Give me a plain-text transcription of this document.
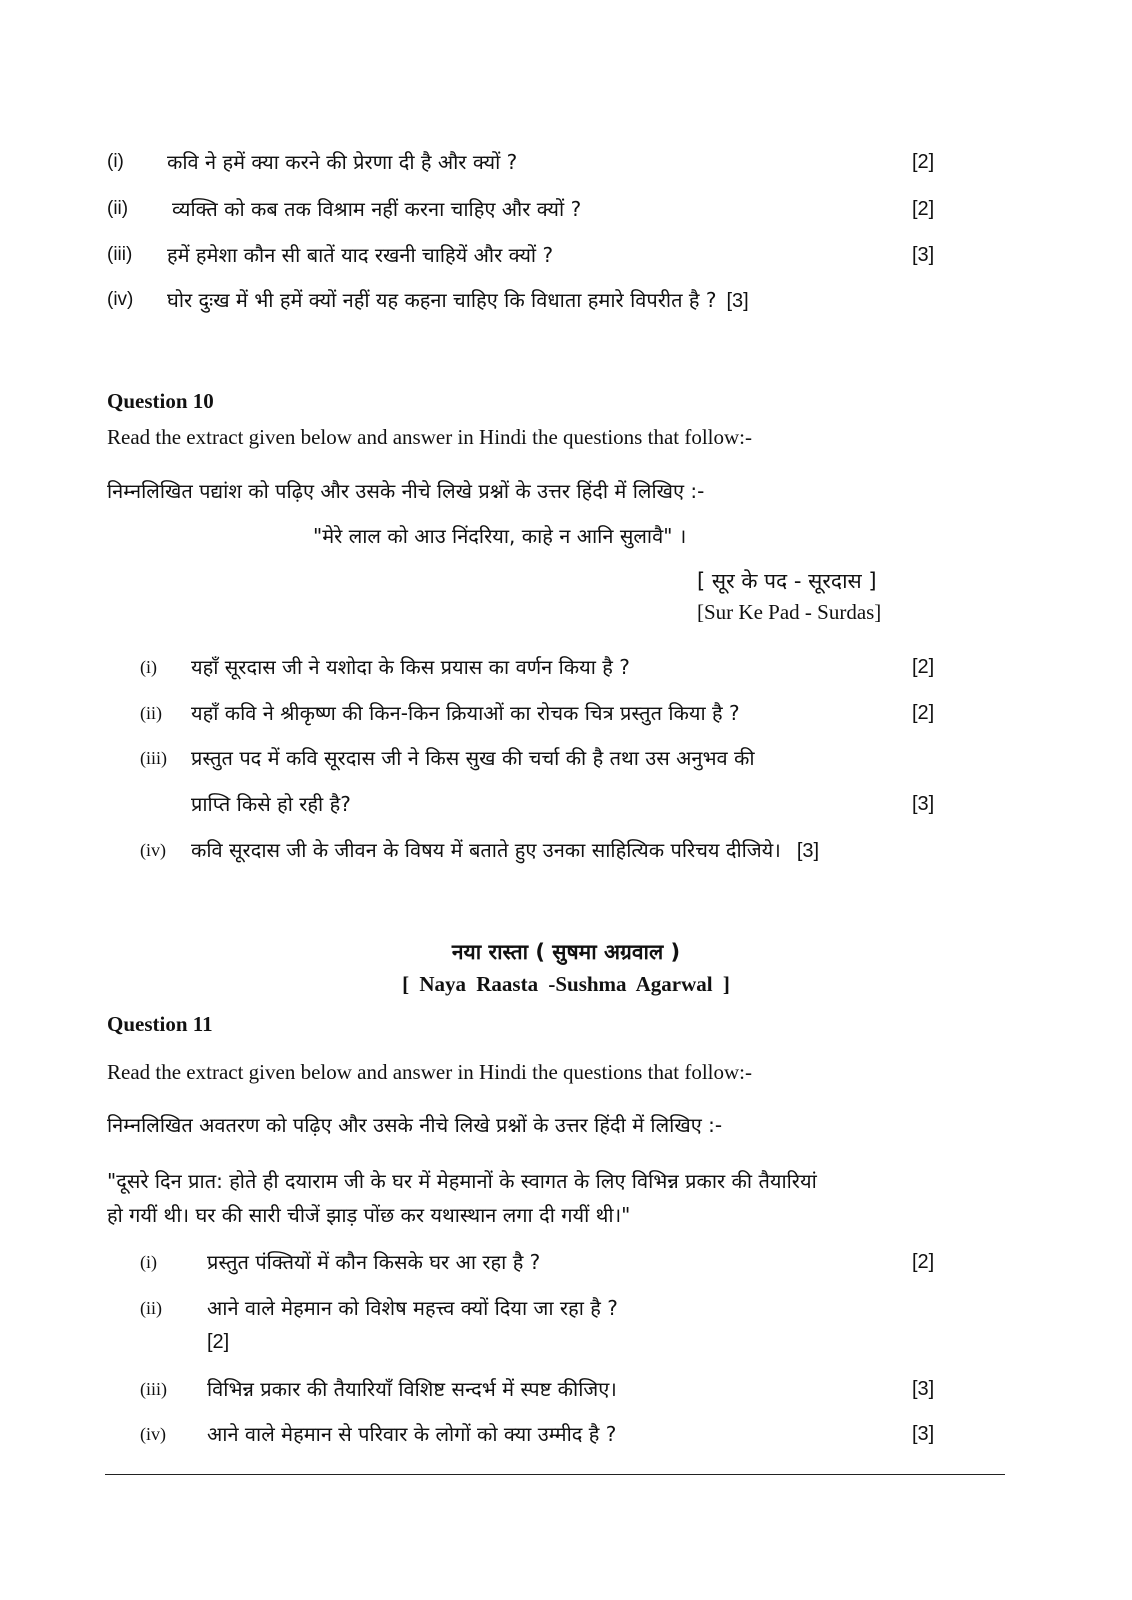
(i) कवि ने हमें क्या करने की प्रेरणा दी है और क्यों ?	[2]
(ii) व्यक्ति को कब तक विश्राम नहीं करना चाहिए और क्यों ?	[2]
(iii) हमें हमेशा कौन सी बातें याद रखनी चाहियें और क्यों ?	[3]
(iv) घोर दुःख में भी हमें क्यों नहीं यह कहना चाहिए कि विधाता हमारे विपरीत है ? [3]
Question 10
Read the extract given below and answer in Hindi the questions that follow:-
निम्नलिखित पद्यांश को पढ़िए और उसके नीचे लिखे प्रश्नों के उत्तर हिंदी में लिखिए :-
"मेरे लाल को आउ निंदरिया, काहे न आनि सुलावै" ।
[ सूर के पद - सूरदास ]
[Sur Ke Pad - Surdas]
(i) यहाँ सूरदास जी ने यशोदा के किस प्रयास का वर्णन किया है ?	[2]
(ii) यहाँ कवि ने श्रीकृष्ण की किन-किन क्रियाओं का रोचक चित्र प्रस्तुत किया है ?	[2]
(iii) प्रस्तुत पद में कवि सूरदास जी ने किस सुख की चर्चा की है तथा उस अनुभव की
प्राप्ति किसे हो रही है?	[3]
(iv) कवि सूरदास जी के जीवन के विषय में बताते हुए उनका साहित्यिक परिचय दीजिये। [3]
नया रास्ता ( सुषमा अग्रवाल )
[ Naya Raasta -Sushma Agarwal ]
Question 11
Read the extract given below and answer in Hindi the questions that follow:-
निम्नलिखित अवतरण को पढ़िए और उसके नीचे लिखे प्रश्नों के उत्तर हिंदी में लिखिए :-
"दूसरे दिन प्रात: होते ही दयाराम जी के घर में मेहमानों के स्वागत के लिए विभिन्न प्रकार की तैयारियां
हो गयीं थी। घर की सारी चीजें झाड़ पोंछ कर यथास्थान लगा दी गयीं थी।"
(i)	प्रस्तुत पंक्तियों में कौन किसके घर आ रहा है ?	[2]
(ii) आने वाले मेहमान को विशेष महत्त्व क्यों दिया जा रहा है ?
[2]
(iii) विभिन्न प्रकार की तैयारियाँ विशिष्ट सन्दर्भ में स्पष्ट कीजिए।	[3]
(iv) आने वाले मेहमान से परिवार के लोगों को क्या उम्मीद है ?	[3]
